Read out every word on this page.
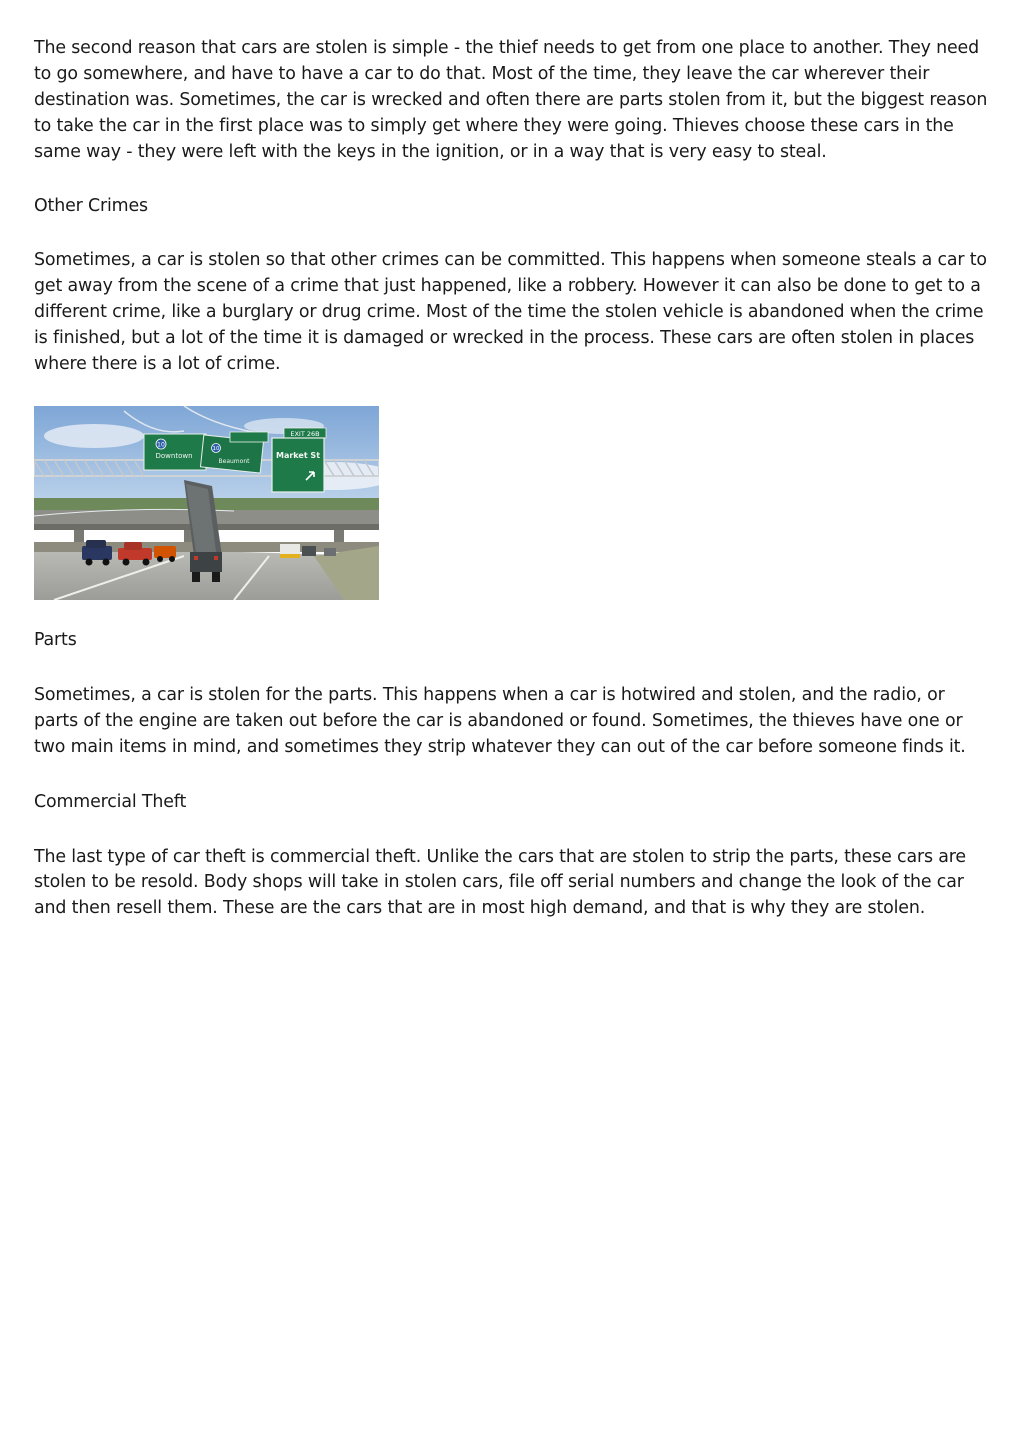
The second reason that cars are stolen is simple - the thief needs to get from one place to another. They need to go somewhere, and have to have a car to do that. Most of the time, they leave the car wherever their destination was. Sometimes, the car is wrecked and often there are parts stolen from it, but the biggest reason to take the car in the first place was to simply get where they were going. Thieves choose these cars in the same way - they were left with the keys in the ignition, or in a way that is very easy to steal.

Other Crimes

Sometimes, a car is stolen so that other crimes can be committed. This happens when someone steals a car to get away from the scene of a crime that just happened, like a robbery. However it can also be done to get to a different crime, like a burglary or drug crime. Most of the time the stolen vehicle is abandoned when the crime is finished, but a lot of the time it is damaged or wrecked in the process. These cars are often stolen in places where there is a lot of crime.

10
Downtown
10
Beaumont
EXIT 26B
Market St

Parts

Sometimes, a car is stolen for the parts. This happens when a car is hotwired and stolen, and the radio, or parts of the engine are taken out before the car is abandoned or found. Sometimes, the thieves have one or two main items in mind, and sometimes they strip whatever they can out of the car before someone finds it.

Commercial Theft

The last type of car theft is commercial theft. Unlike the cars that are stolen to strip the parts, these cars are stolen to be resold. Body shops will take in stolen cars, file off serial numbers and change the look of the car and then resell them. These are the cars that are in most high demand, and that is why they are stolen.
